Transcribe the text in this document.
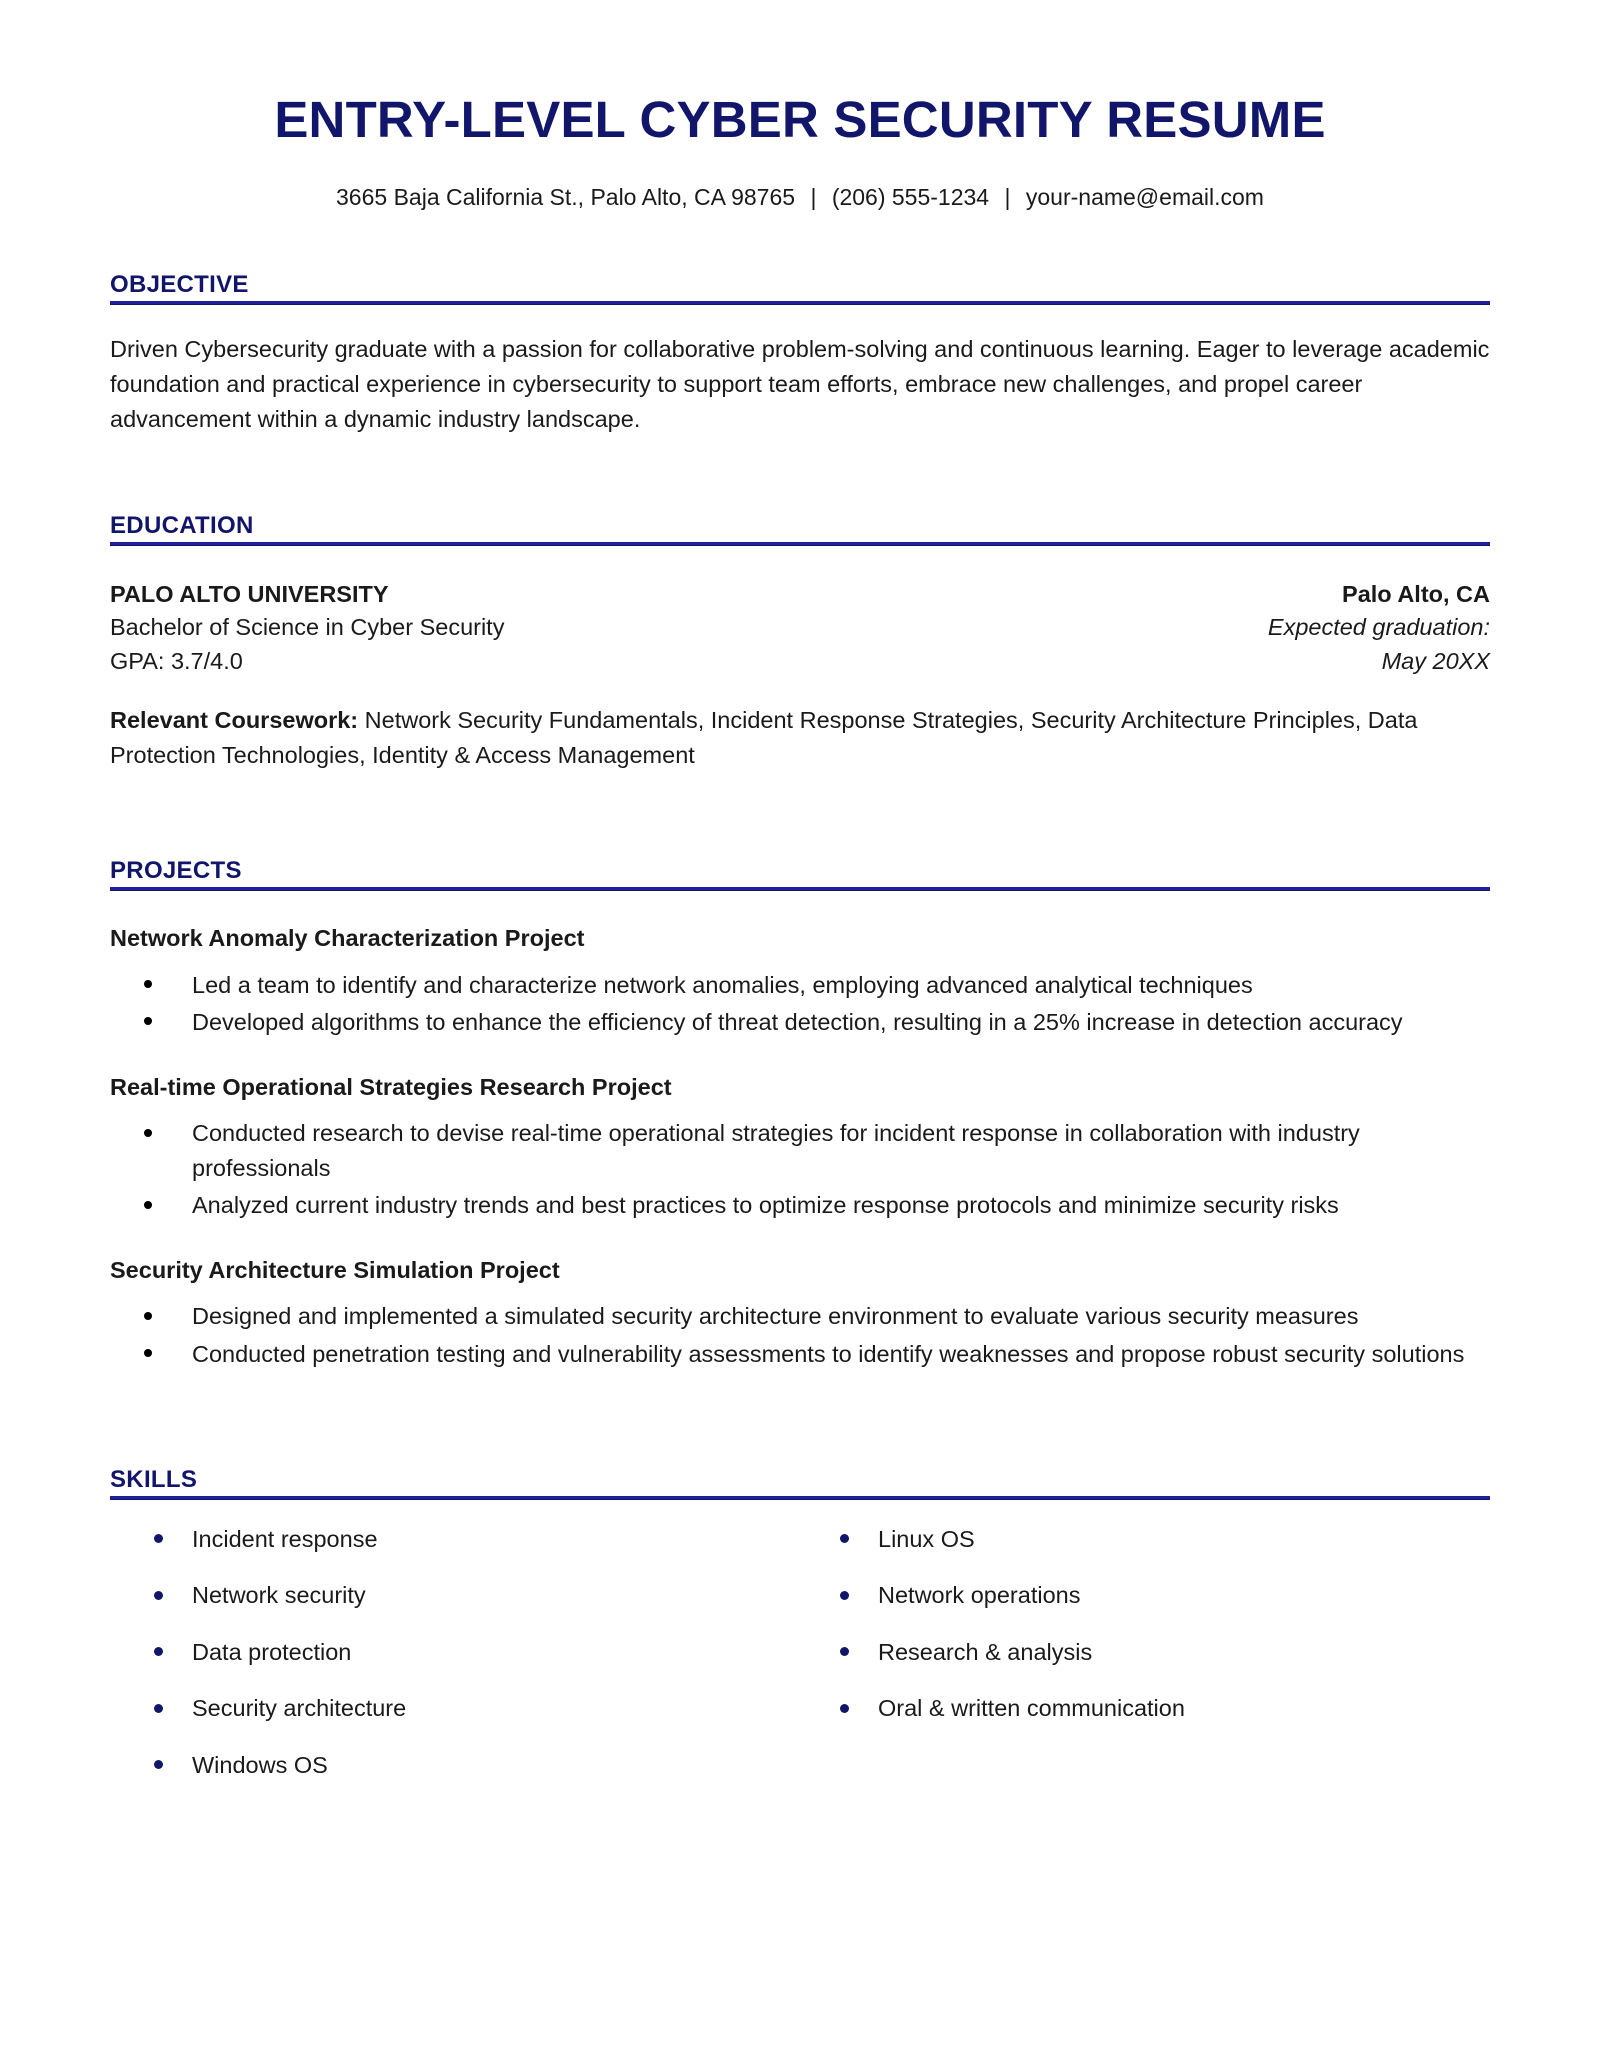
ENTRY-LEVEL CYBER SECURITY RESUME
3665 Baja California St., Palo Alto, CA 98765 | (206) 555-1234 | your-name@email.com
OBJECTIVE

Driven Cybersecurity graduate with a passion for collaborative problem-solving and continuous learning. Eager to leverage academic foundation and practical experience in cybersecurity to support team efforts, embrace new challenges, and propel career advancement within a dynamic industry landscape.

EDUCATION
PALO ALTO UNIVERSITY	Palo Alto, CA
Bachelor of Science in Cyber Security	Expected graduation:
GPA: 3.7/4.0	May 20XX

Relevant Coursework: Network Security Fundamentals, Incident Response Strategies, Security Architecture Principles, Data Protection Technologies, Identity & Access Management

PROJECTS
Network Anomaly Characterization Project
Led a team to identify and characterize network anomalies, employing advanced analytical techniques
Developed algorithms to enhance the efficiency of threat detection, resulting in a 25% increase in detection accuracy
Real-time Operational Strategies Research Project
Conducted research to devise real-time operational strategies for incident response in collaboration with industry professionals
Analyzed current industry trends and best practices to optimize response protocols and minimize security risks
Security Architecture Simulation Project
Designed and implemented a simulated security architecture environment to evaluate various security measures
Conducted penetration testing and vulnerability assessments to identify weaknesses and propose robust security solutions
SKILLS
Incident response
Network security
Data protection
Security architecture
Windows OS
Linux OS
Network operations
Research & analysis
Oral & written communication
